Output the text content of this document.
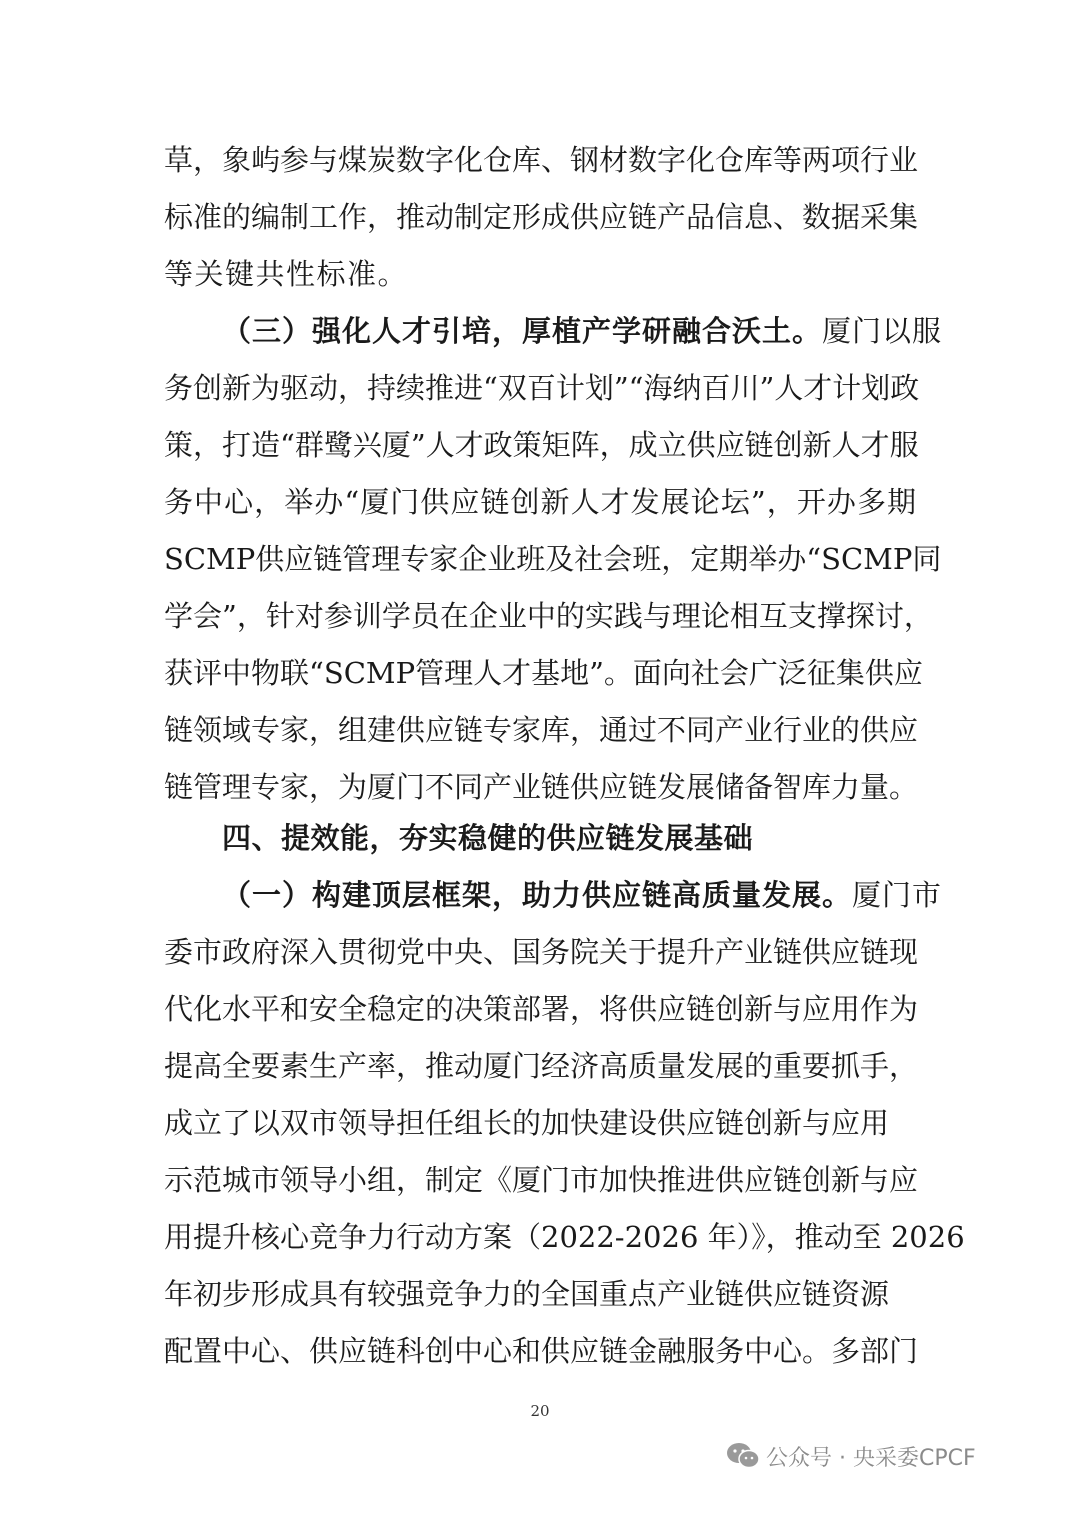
草，象屿参与煤炭数字化仓库、钢材数字化仓库等两项行业
标准的编制工作，推动制定形成供应链产品信息、数据采集
等关键共性标准。
（三）强化人才引培，厚植产学研融合沃土。厦门以服
务创新为驱动，持续推进“双百计划”“海纳百川”人才计划政
策，打造“群鹭兴厦”人才政策矩阵，成立供应链创新人才服
务中心，举办“厦门供应链创新人才发展论坛”，开办多期
SCMP供应链管理专家企业班及社会班，定期举办“SCMP同
学会”，针对参训学员在企业中的实践与理论相互支撑探讨，
获评中物联“SCMP管理人才基地”。面向社会广泛征集供应
链领域专家，组建供应链专家库，通过不同产业行业的供应
链管理专家，为厦门不同产业链供应链发展储备智库力量。
四、提效能，夯实稳健的供应链发展基础
（一）构建顶层框架，助力供应链高质量发展。厦门市
委市政府深入贯彻党中央、国务院关于提升产业链供应链现
代化水平和安全稳定的决策部署，将供应链创新与应用作为
提高全要素生产率，推动厦门经济高质量发展的重要抓手，
成立了以双市领导担任组长的加快建设供应链创新与应用
示范城市领导小组，制定《厦门市加快推进供应链创新与应
用提升核心竞争力行动方案（2022-2026 年）》，推动至 2026
年初步形成具有较强竞争力的全国重点产业链供应链资源
配置中心、供应链科创中心和供应链金融服务中心。多部门
20
公众号 · 央采委CPCF
